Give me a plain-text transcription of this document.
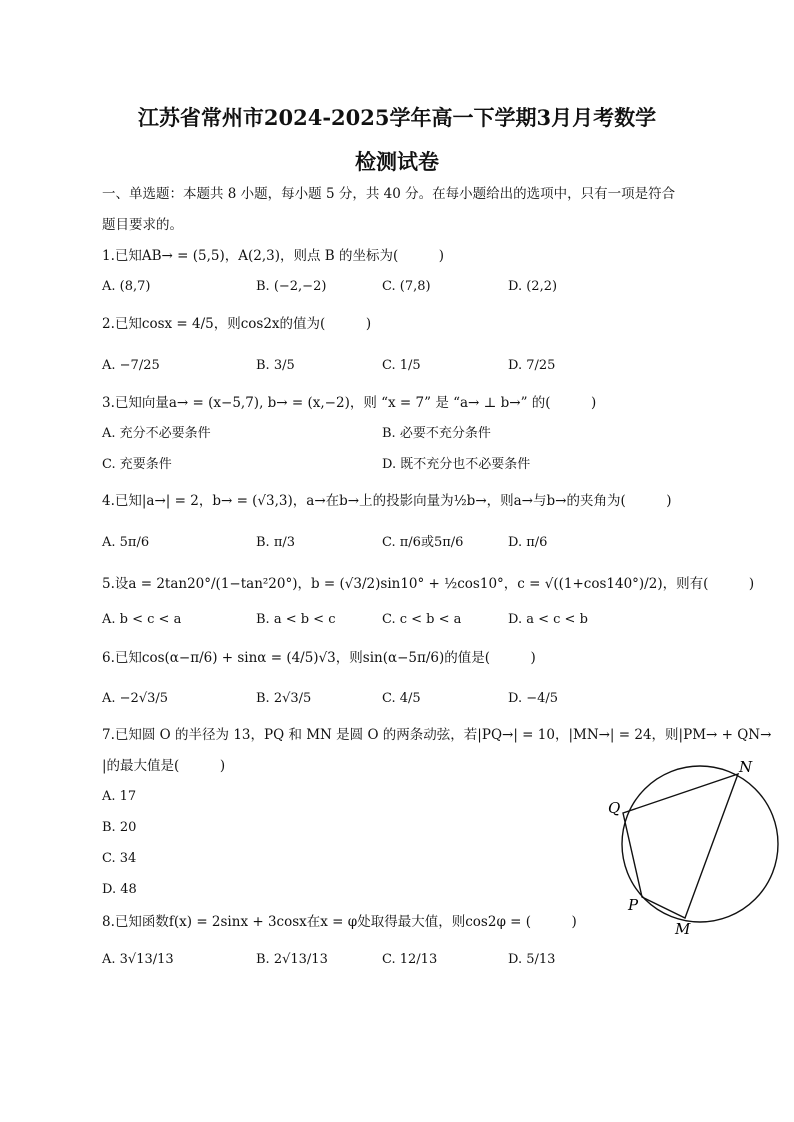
江苏省常州市2024-2025学年高一下学期3月月考数学
检测试卷
一、单选题：本题共 8 小题，每小题 5 分，共 40 分。在每小题给出的选项中，只有一项是符合
题目要求的。
1.已知AB→ = (5,5)，A(2,3)，则点 B 的坐标为(　　　)
A. (8,7)	B. (−2,−2)	C. (7,8)	D. (2,2)
2.已知cosx = 4/5，则cos2x的值为(　　　)
A. −7/25	B. 3/5	C. 1/5	D. 7/25
3.已知向量a→ = (x−5,7), b→ = (x,−2)，则 “x = 7” 是 “a→ ⊥ b→” 的(　　　)
A. 充分不必要条件	B. 必要不充分条件
C. 充要条件	D. 既不充分也不必要条件
4.已知|a→| = 2，b→ = (√3,3)，a→在b→上的投影向量为½b→，则a→与b→的夹角为(　　　)
A. 5π/6	B. π/3	C. π/6或5π/6	D. π/6
5.设a = 2tan20°/(1−tan²20°)，b = (√3/2)sin10° + ½cos10°，c = √((1+cos140°)/2)，则有(　　　)
A. b < c < a	B. a < b < c	C. c < b < a	D. a < c < b
6.已知cos(α−π/6) + sinα = (4/5)√3，则sin(α−5π/6)的值是(　　　)
A. −2√3/5	B. 2√3/5	C. 4/5	D. −4/5
7.已知圆 O 的半径为 13，PQ 和 MN 是圆 O 的两条动弦，若|PQ→| = 10，|MN→| = 24，则|PM→ + QN→
|的最大值是(　　　)
A. 17
B. 20
C. 34
D. 48
N
Q
P
M
8.已知函数f(x) = 2sinx + 3cosx在x = φ处取得最大值，则cos2φ = (　　　)
A. 3√13/13	B. 2√13/13	C. 12/13	D. 5/13
